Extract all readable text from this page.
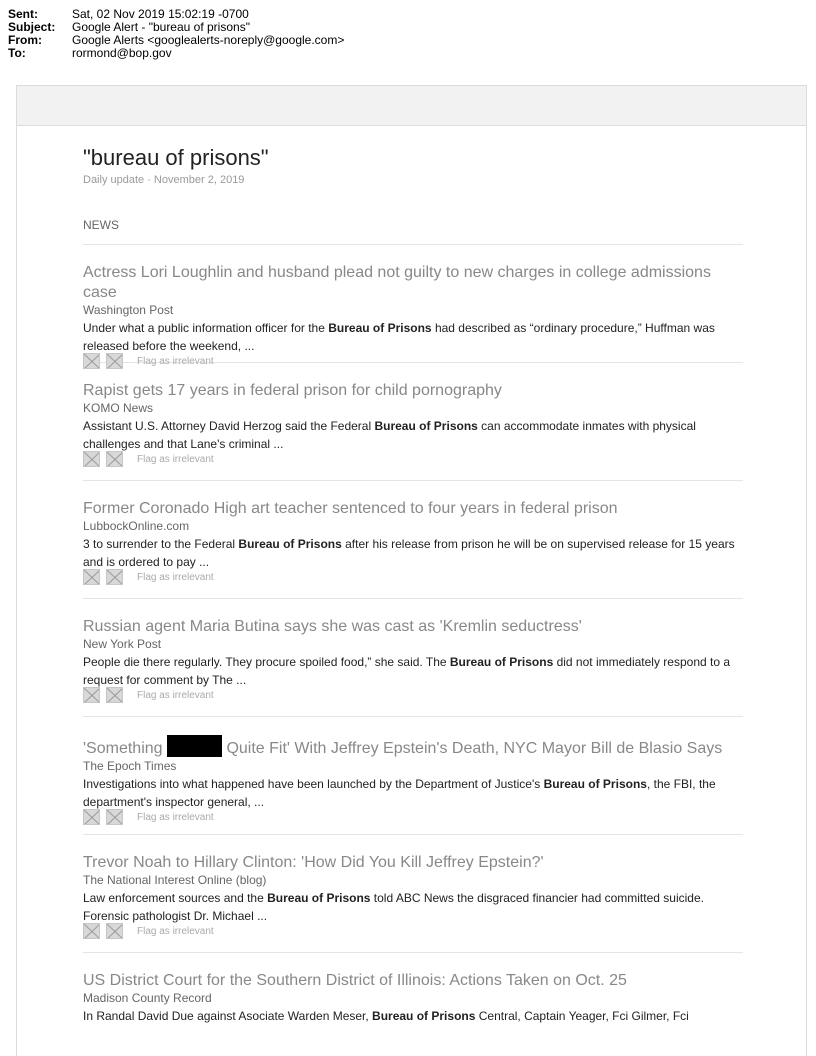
Sent:	Sat, 02 Nov 2019 15:02:19 -0700
Subject:	Google Alert - "bureau of prisons"
From:	Google Alerts <googlealerts-noreply@google.com>
To:	rormond@bop.gov
"bureau of prisons"
Daily update · November 2, 2019
NEWS
Actress Lori Loughlin and husband plead not guilty to new charges in college admissions case
Washington Post
Under what a public information officer for the Bureau of Prisons had described as “ordinary procedure,” Huffman was released before the weekend, ...
Flag as irrelevant
Rapist gets 17 years in federal prison for child pornography
KOMO News
Assistant U.S. Attorney David Herzog said the Federal Bureau of Prisons can accommodate inmates with physical challenges and that Lane's criminal ...
Flag as irrelevant
Former Coronado High art teacher sentenced to four years in federal prison
LubbockOnline.com
3 to surrender to the Federal Bureau of Prisons after his release from prison he will be on supervised release for 15 years and is ordered to pay ...
Flag as irrelevant
Russian agent Maria Butina says she was cast as 'Kremlin seductress'
New York Post
People die there regularly. They procure spoiled food,” she said. The Bureau of Prisons did not immediately respond to a request for comment by The ...
Flag as irrelevant
'Something	Quite Fit' With Jeffrey Epstein's Death, NYC Mayor Bill de Blasio Says
The Epoch Times
Investigations into what happened have been launched by the Department of Justice's Bureau of Prisons, the FBI, the department's inspector general, ...
Flag as irrelevant
Trevor Noah to Hillary Clinton: 'How Did You Kill Jeffrey Epstein?'
The National Interest Online (blog)
Law enforcement sources and the Bureau of Prisons told ABC News the disgraced financier had committed suicide. Forensic pathologist Dr. Michael ...
Flag as irrelevant
US District Court for the Southern District of Illinois: Actions Taken on Oct. 25
Madison County Record
In Randal David Due against Asociate Warden Meser, Bureau of Prisons Central, Captain Yeager, Fci Gilmer, Fci
